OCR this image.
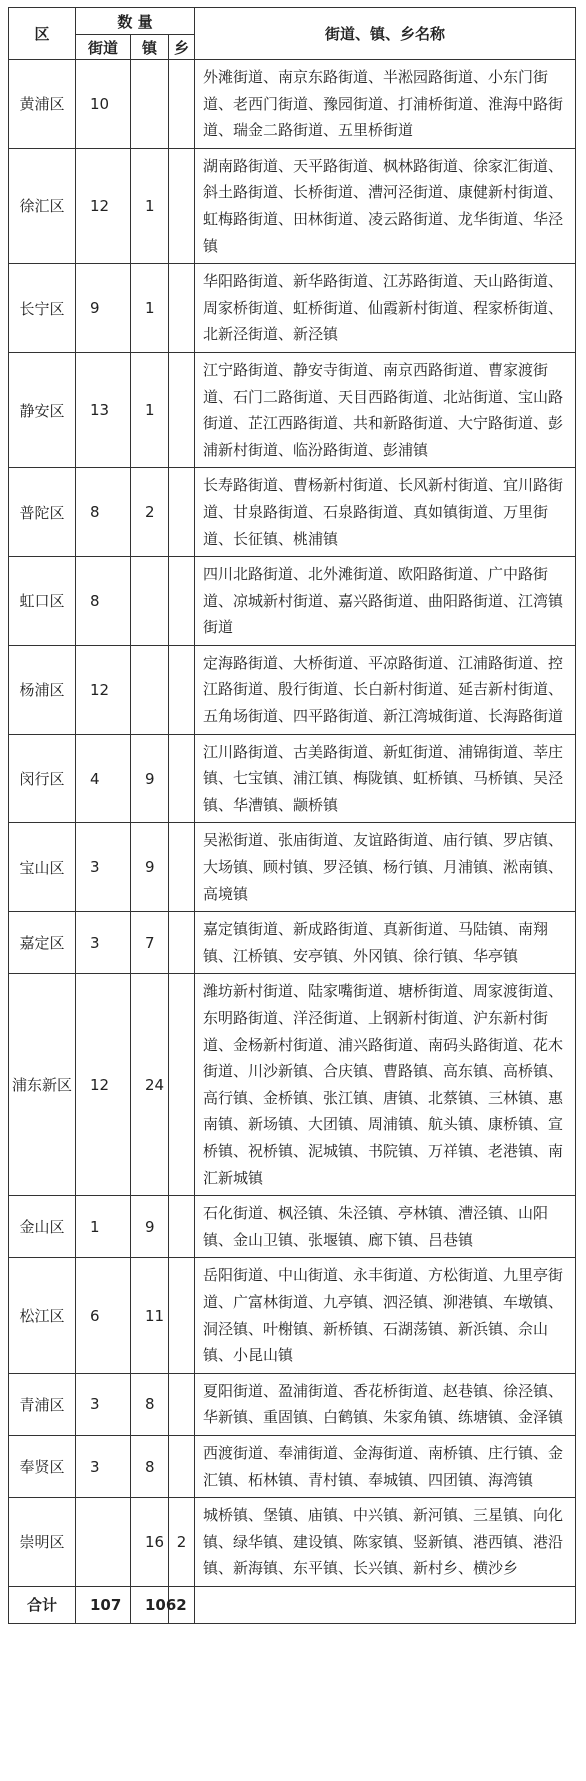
区	数 量			街道、镇、乡名称
	街道	镇	乡	
黄浦区	10			外滩街道、南京东路街道、半淞园路街道、小东门街道、老西门街道、豫园街道、打浦桥街道、淮海中路街道、瑞金二路街道、五里桥街道
徐汇区	12	1		湖南路街道、天平路街道、枫林路街道、徐家汇街道、斜土路街道、长桥街道、漕河泾街道、康健新村街道、虹梅路街道、田林街道、凌云路街道、龙华街道、华泾镇
长宁区	9	1		华阳路街道、新华路街道、江苏路街道、天山路街道、周家桥街道、虹桥街道、仙霞新村街道、程家桥街道、北新泾街道、新泾镇
静安区	13	1		江宁路街道、静安寺街道、南京西路街道、曹家渡街道、石门二路街道、天目西路街道、北站街道、宝山路街道、芷江西路街道、共和新路街道、大宁路街道、彭浦新村街道、临汾路街道、彭浦镇
普陀区	8	2		长寿路街道、曹杨新村街道、长风新村街道、宜川路街道、甘泉路街道、石泉路街道、真如镇街道、万里街道、长征镇、桃浦镇
虹口区	8			四川北路街道、北外滩街道、欧阳路街道、广中路街道、凉城新村街道、嘉兴路街道、曲阳路街道、江湾镇街道
杨浦区	12			定海路街道、大桥街道、平凉路街道、江浦路街道、控江路街道、殷行街道、长白新村街道、延吉新村街道、五角场街道、四平路街道、新江湾城街道、长海路街道
闵行区	4	9		江川路街道、古美路街道、新虹街道、浦锦街道、莘庄镇、七宝镇、浦江镇、梅陇镇、虹桥镇、马桥镇、吴泾镇、华漕镇、颛桥镇
宝山区	3	9		吴淞街道、张庙街道、友谊路街道、庙行镇、罗店镇、大场镇、顾村镇、罗泾镇、杨行镇、月浦镇、淞南镇、高境镇
嘉定区	3	7		嘉定镇街道、新成路街道、真新街道、马陆镇、南翔镇、江桥镇、安亭镇、外冈镇、徐行镇、华亭镇
浦东新区	12	24		潍坊新村街道、陆家嘴街道、塘桥街道、周家渡街道、东明路街道、洋泾街道、上钢新村街道、沪东新村街道、金杨新村街道、浦兴路街道、南码头路街道、花木街道、川沙新镇、合庆镇、曹路镇、高东镇、高桥镇、高行镇、金桥镇、张江镇、唐镇、北蔡镇、三林镇、惠南镇、新场镇、大团镇、周浦镇、航头镇、康桥镇、宣桥镇、祝桥镇、泥城镇、书院镇、万祥镇、老港镇、南汇新城镇
金山区	1	9		石化街道、枫泾镇、朱泾镇、亭林镇、漕泾镇、山阳镇、金山卫镇、张堰镇、廊下镇、吕巷镇
松江区	6	11		岳阳街道、中山街道、永丰街道、方松街道、九里亭街道、广富林街道、九亭镇、泗泾镇、泖港镇、车墩镇、洞泾镇、叶榭镇、新桥镇、石湖荡镇、新浜镇、佘山镇、小昆山镇
青浦区	3	8		夏阳街道、盈浦街道、香花桥街道、赵巷镇、徐泾镇、华新镇、重固镇、白鹤镇、朱家角镇、练塘镇、金泽镇
奉贤区	3	8		西渡街道、奉浦街道、金海街道、南桥镇、庄行镇、金汇镇、柘林镇、青村镇、奉城镇、四团镇、海湾镇
崇明区		16	2	城桥镇、堡镇、庙镇、中兴镇、新河镇、三星镇、向化镇、绿华镇、建设镇、陈家镇、竖新镇、港西镇、港沿镇、新海镇、东平镇、长兴镇、新村乡、横沙乡
合计	107	106	2	
